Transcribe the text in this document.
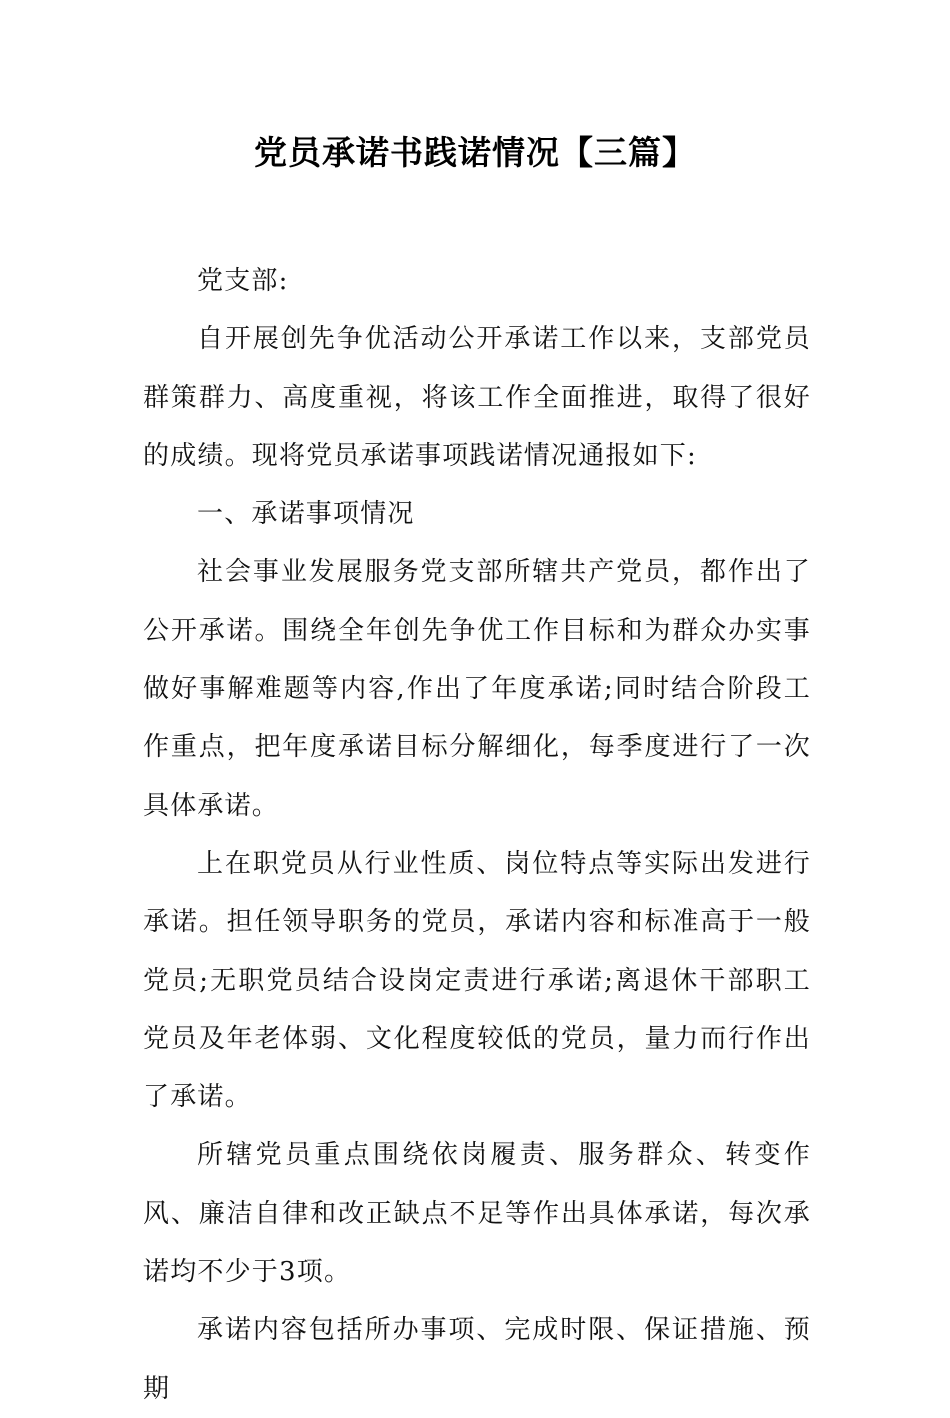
党员承诺书践诺情况【三篇】

党支部:

自开展创先争优活动公开承诺工作以来，支部党员群策群力、高度重视，将该工作全面推进，取得了很好的成绩。现将党员承诺事项践诺情况通报如下:

一、承诺事项情况

社会事业发展服务党支部所辖共产党员，都作出了公开承诺。围绕全年创先争优工作目标和为群众办实事做好事解难题等内容,作出了年度承诺;同时结合阶段工作重点，把年度承诺目标分解细化，每季度进行了一次具体承诺。

上在职党员从行业性质、岗位特点等实际出发进行承诺。担任领导职务的党员，承诺内容和标准高于一般党员;无职党员结合设岗定责进行承诺;离退休干部职工党员及年老体弱、文化程度较低的党员，量力而行作出了承诺。

所辖党员重点围绕依岗履责、服务群众、转变作风、廉洁自律和改正缺点不足等作出具体承诺，每次承诺均不少于3项。

承诺内容包括所办事项、完成时限、保证措施、预期
